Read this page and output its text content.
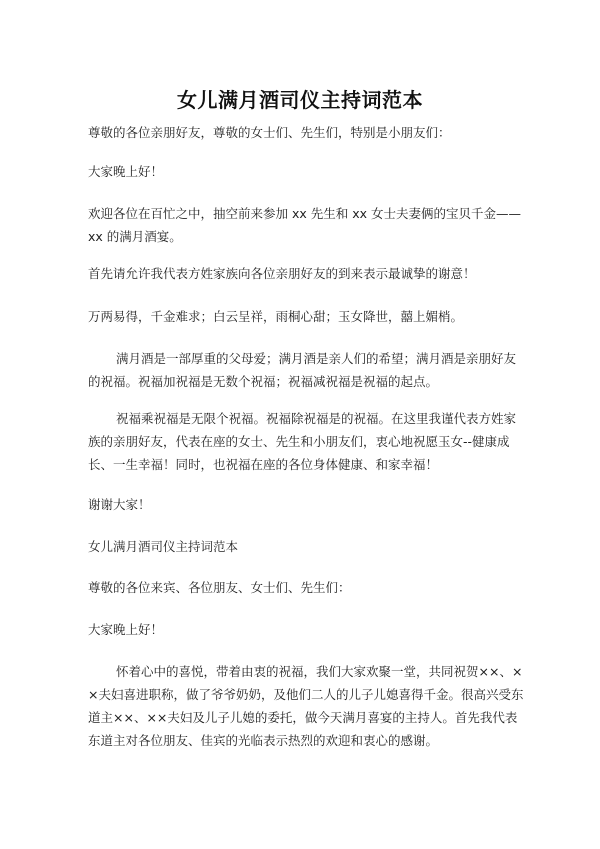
女儿满月酒司仪主持词范本

尊敬的各位亲朋好友，尊敬的女士们、先生们，特别是小朋友们：

大家晚上好！

欢迎各位在百忙之中，抽空前来参加 xx 先生和 xx 女士夫妻俩的宝贝千金——xx 的满月酒宴。

首先请允许我代表方姓家族向各位亲朋好友的到来表示最诚挚的谢意！

万两易得，千金难求；白云呈祥，雨桐心甜；玉女降世，囍上媚梢。

满月酒是一部厚重的父母爱；满月酒是亲人们的希望；满月酒是亲朋好友的祝福。祝福加祝福是无数个祝福；祝福减祝福是祝福的起点。

祝福乘祝福是无限个祝福。祝福除祝福是的祝福。在这里我谨代表方姓家族的亲朋好友，代表在座的女士、先生和小朋友们，衷心地祝愿玉女--健康成长、一生幸福！同时，也祝福在座的各位身体健康、和家幸福！

谢谢大家！

女儿满月酒司仪主持词范本

尊敬的各位来宾、各位朋友、女士们、先生们：

大家晚上好！

怀着心中的喜悦，带着由衷的祝福，我们大家欢聚一堂，共同祝贺××、××夫妇喜进职称，做了爷爷奶奶，及他们二人的儿子儿媳喜得千金。很高兴受东道主××、××夫妇及儿子儿媳的委托，做今天满月喜宴的主持人。首先我代表东道主对各位朋友、佳宾的光临表示热烈的欢迎和衷心的感谢。
